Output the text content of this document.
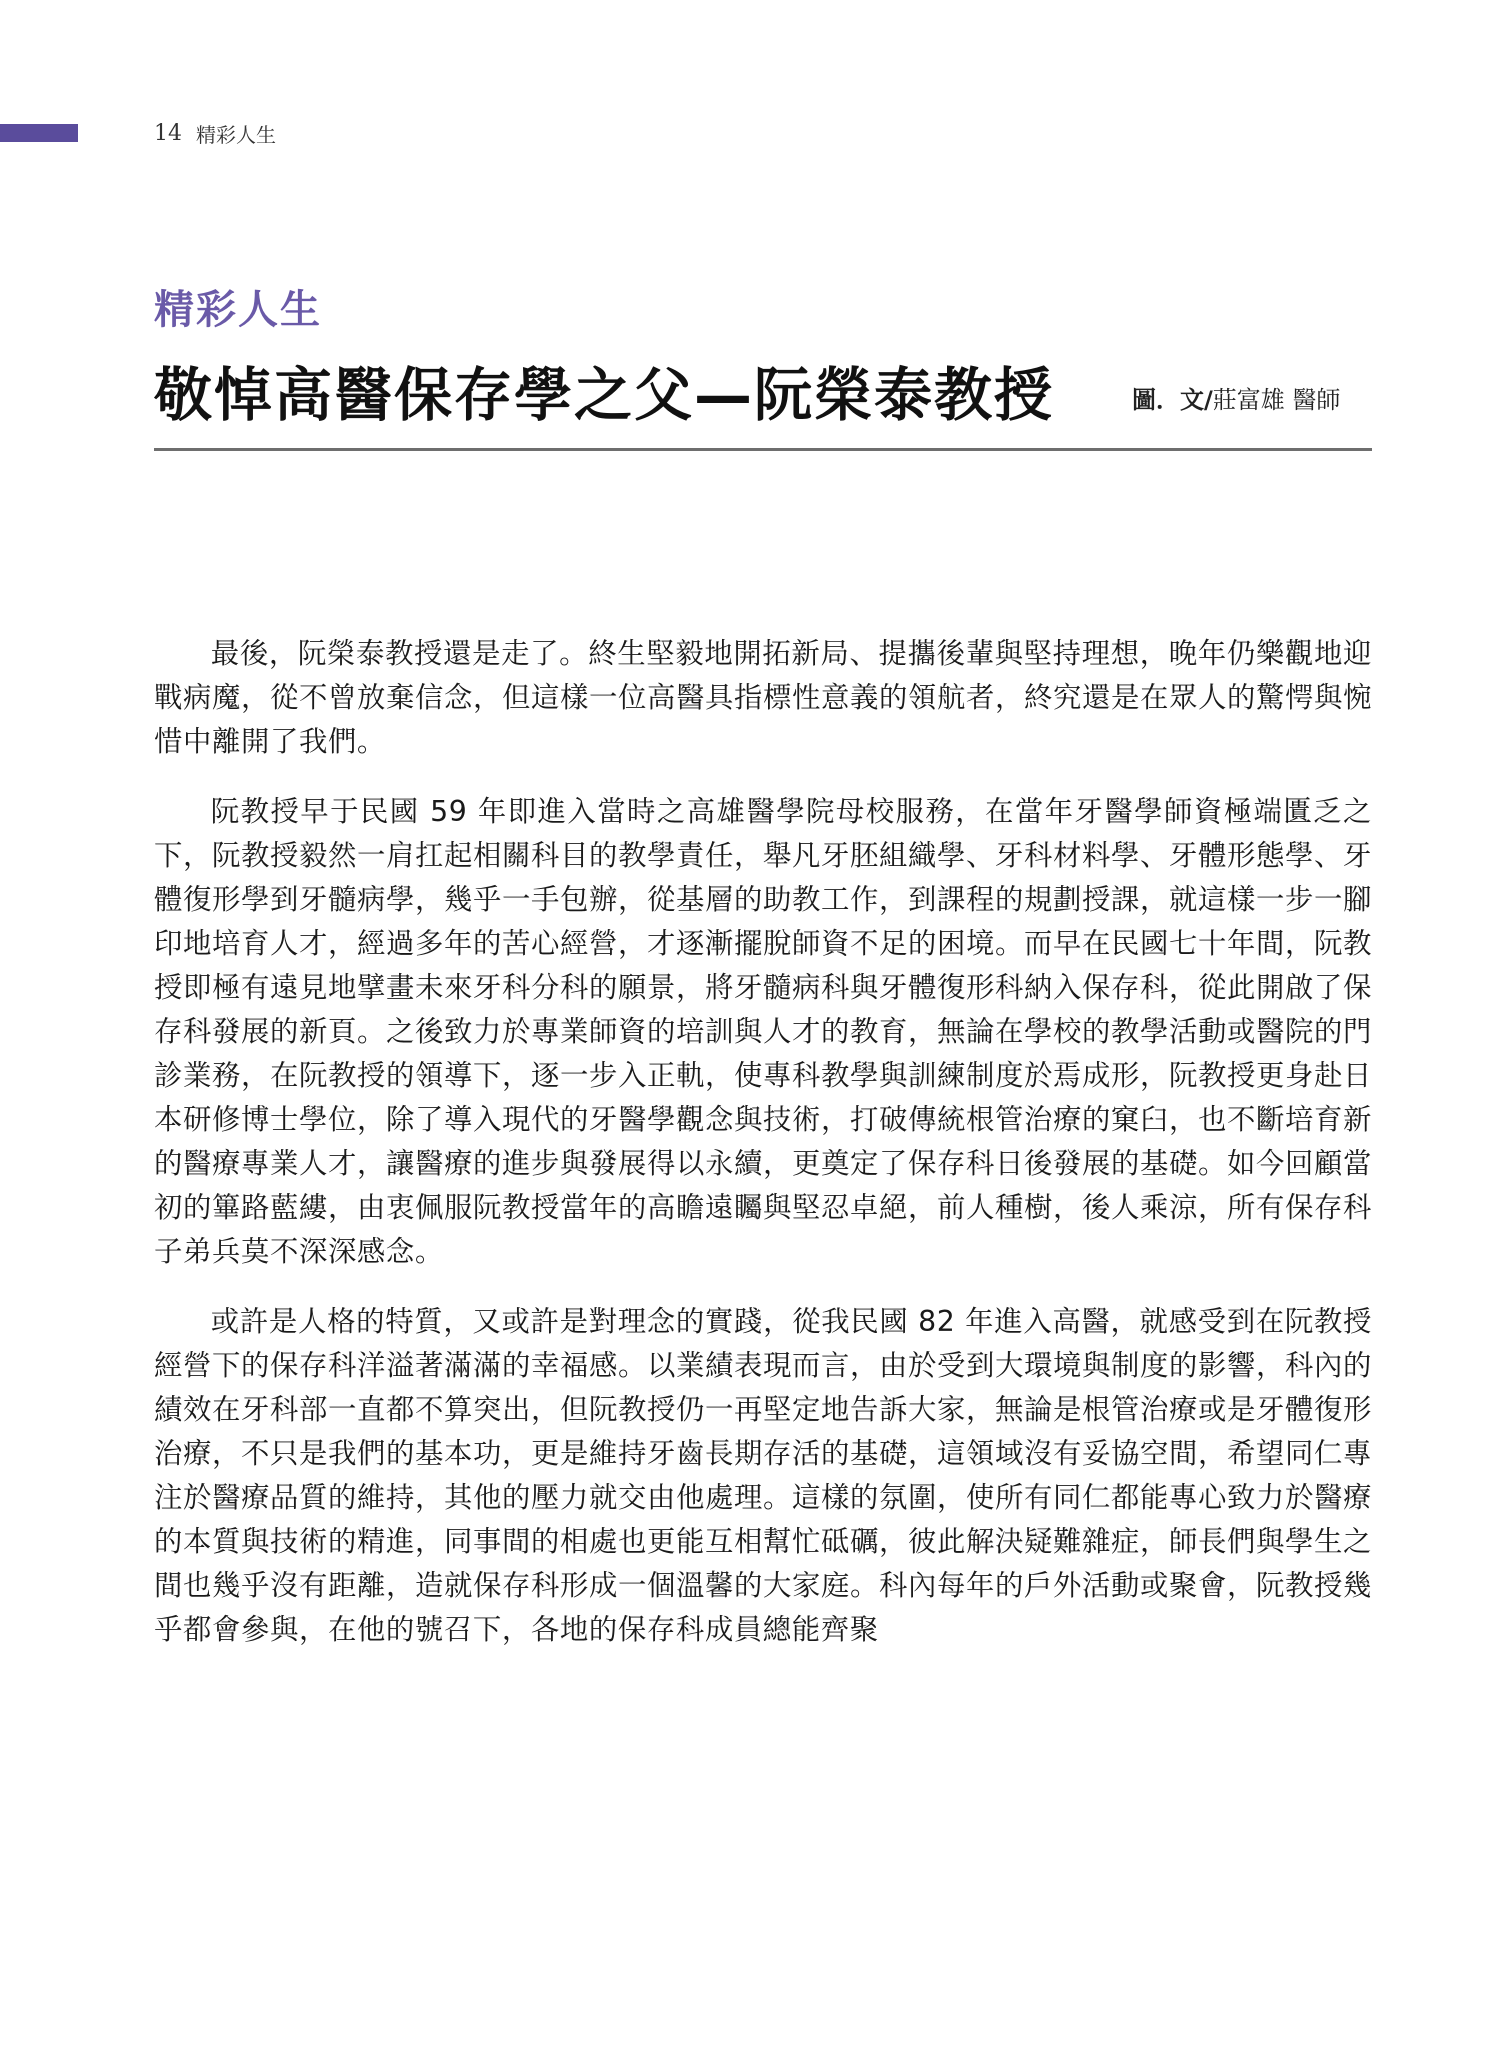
14 精彩人生
精彩人生
敬悼高醫保存學之父—阮榮泰教授	圖．文/莊富雄 醫師

最後，阮榮泰教授還是走了。終生堅毅地開拓新局、提攜後輩與堅持理想，晚年仍樂觀地迎戰病魔，從不曾放棄信念，但這樣一位高醫具指標性意義的領航者，終究還是在眾人的驚愕與惋惜中離開了我們。

阮教授早于民國 59 年即進入當時之高雄醫學院母校服務，在當年牙醫學師資極端匱乏之下，阮教授毅然一肩扛起相關科目的教學責任，舉凡牙胚組織學、牙科材料學、牙體形態學、牙體復形學到牙髓病學，幾乎一手包辦，從基層的助教工作，到課程的規劃授課，就這樣一步一腳印地培育人才，經過多年的苦心經營，才逐漸擺脫師資不足的困境。而早在民國七十年間，阮教授即極有遠見地擘畫未來牙科分科的願景，將牙髓病科與牙體復形科納入保存科，從此開啟了保存科發展的新頁。之後致力於專業師資的培訓與人才的教育，無論在學校的教學活動或醫院的門診業務，在阮教授的領導下，逐一步入正軌，使專科教學與訓練制度於焉成形，阮教授更身赴日本研修博士學位，除了導入現代的牙醫學觀念與技術，打破傳統根管治療的窠臼，也不斷培育新的醫療專業人才，讓醫療的進步與發展得以永續，更奠定了保存科日後發展的基礎。如今回顧當初的篳路藍縷，由衷佩服阮教授當年的高瞻遠矚與堅忍卓絕，前人種樹，後人乘涼，所有保存科子弟兵莫不深深感念。

或許是人格的特質，又或許是對理念的實踐，從我民國 82 年進入高醫，就感受到在阮教授經營下的保存科洋溢著滿滿的幸福感。以業績表現而言，由於受到大環境與制度的影響，科內的績效在牙科部一直都不算突出，但阮教授仍一再堅定地告訴大家，無論是根管治療或是牙體復形治療，不只是我們的基本功，更是維持牙齒長期存活的基礎，這領域沒有妥協空間，希望同仁專注於醫療品質的維持，其他的壓力就交由他處理。這樣的氛圍，使所有同仁都能專心致力於醫療的本質與技術的精進，同事間的相處也更能互相幫忙砥礪，彼此解決疑難雜症，師長們與學生之間也幾乎沒有距離，造就保存科形成一個溫馨的大家庭。科內每年的戶外活動或聚會，阮教授幾乎都會參與，在他的號召下，各地的保存科成員總能齊聚
